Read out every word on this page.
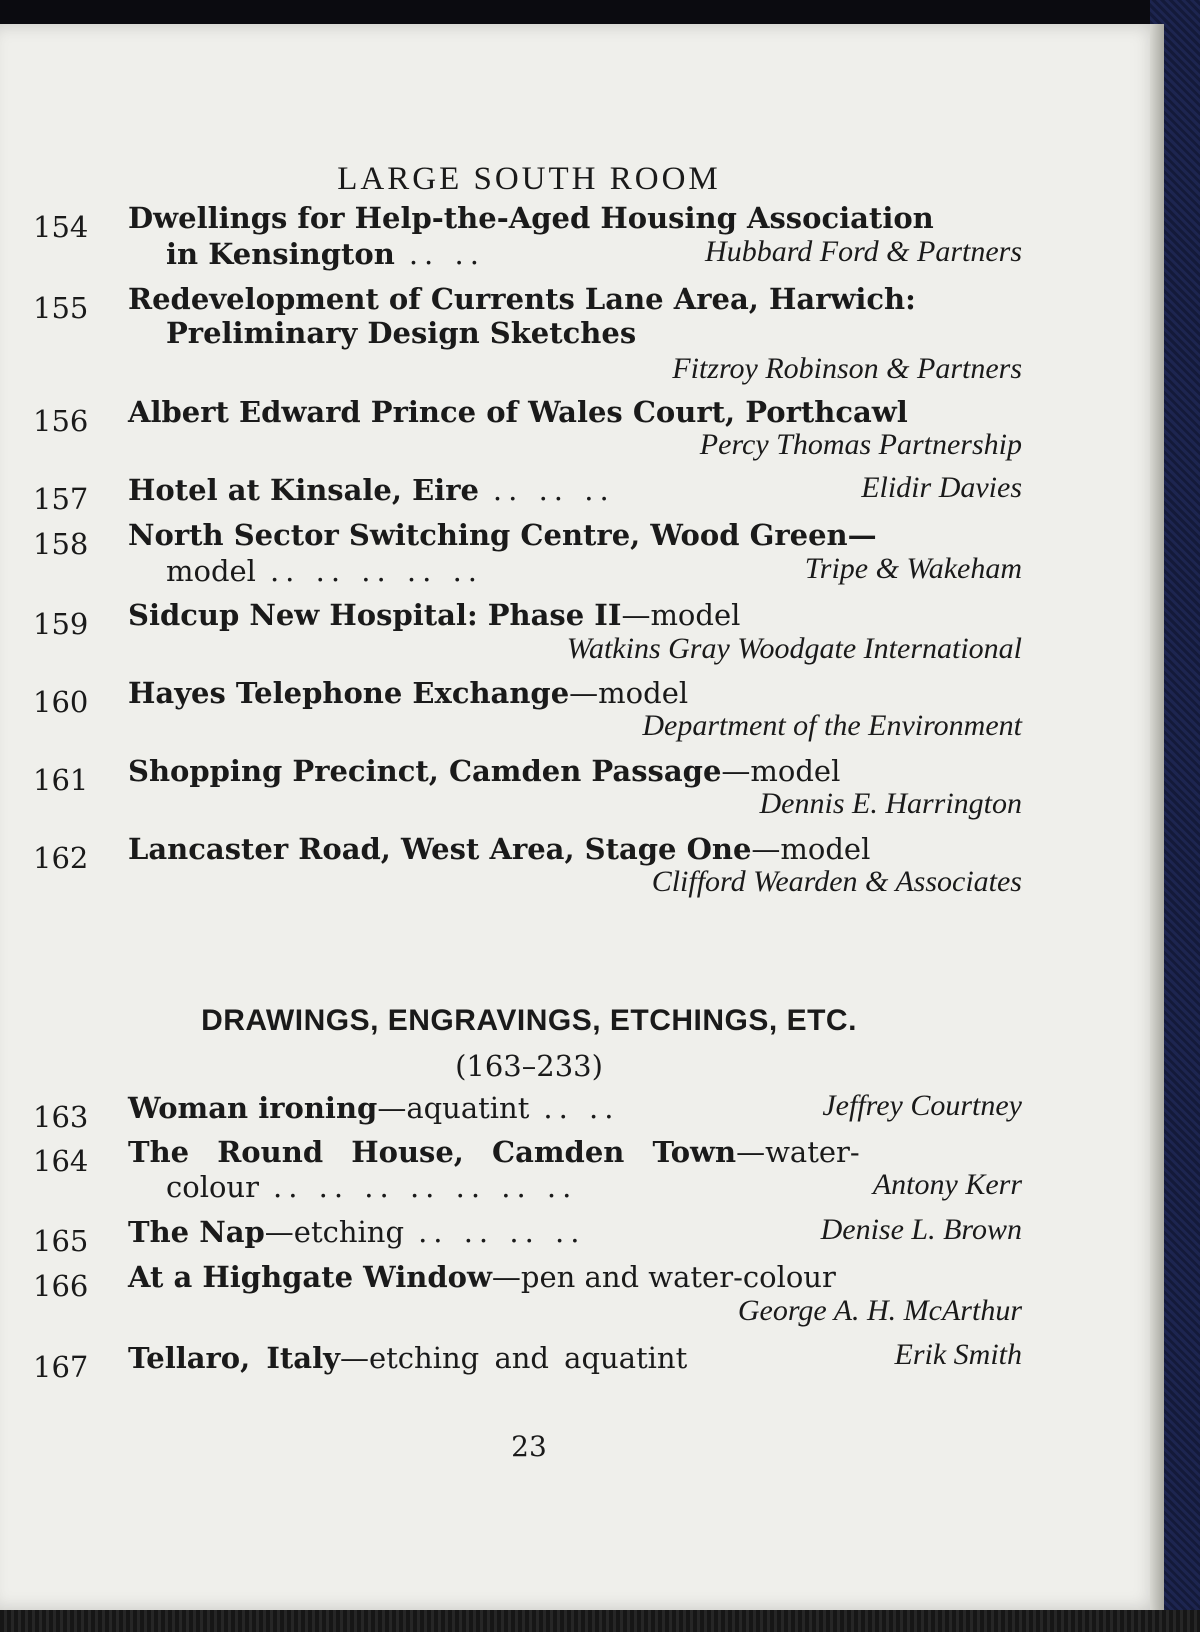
LARGE SOUTH ROOM
154	Dwellings for Help-the-Aged Housing Association
in Kensington .. ..	Hubbard Ford & Partners
155	Redevelopment of Currents Lane Area, Harwich:
Preliminary Design Sketches
Fitzroy Robinson & Partners
156	Albert Edward Prince of Wales Court, Porthcawl
Percy Thomas Partnership
157	Hotel at Kinsale, Eire .. .. ..	Elidir Davies
158	North Sector Switching Centre, Wood Green—
model .. .. .. .. ..	Tripe & Wakeham
159	Sidcup New Hospital: Phase II—model
Watkins Gray Woodgate International
160	Hayes Telephone Exchange—model
Department of the Environment
161	Shopping Precinct, Camden Passage—model
Dennis E. Harrington
162	Lancaster Road, West Area, Stage One—model
Clifford Wearden & Associates
DRAWINGS, ENGRAVINGS, ETCHINGS, ETC.
(163–233)
163	Woman ironing—aquatint .. ..	Jeffrey Courtney
164	The Round House, Camden Town—water-
colour .. .. .. .. .. .. ..	Antony Kerr
165	The Nap—etching .. .. .. ..	Denise L. Brown
166	At a Highgate Window—pen and water-colour
George A. H. McArthur
167	Tellaro, Italy—etching and aquatint	Erik Smith
23
